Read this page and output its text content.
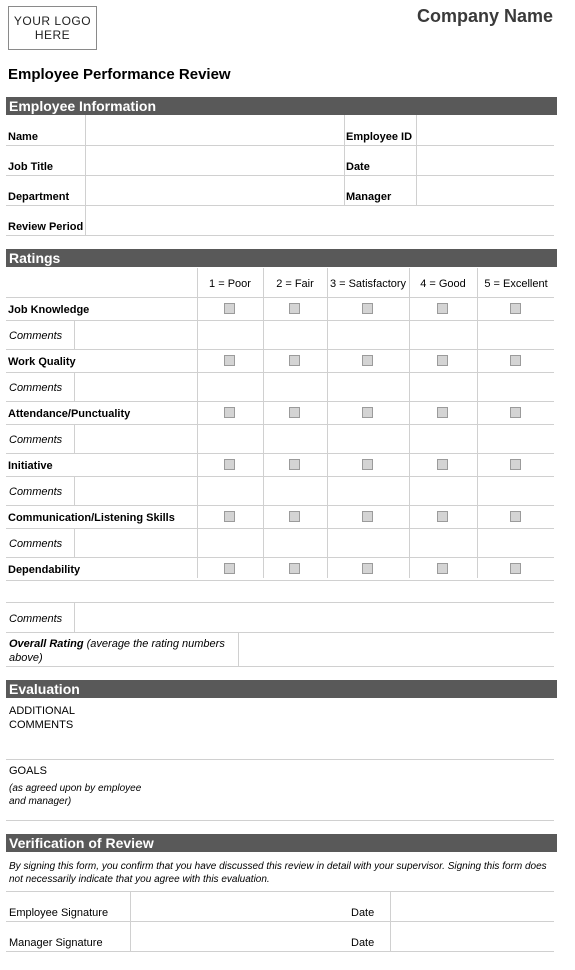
YOUR LOGO
HERE
Company Name
Employee Performance Review
Employee Information
Name	Employee ID
Job Title	Date
Department	Manager
Review Period
Ratings
1 = Poor	2 = Fair	3 = Satisfactory	4 = Good	5 = Excellent
Job Knowledge
Comments
Work Quality
Comments
Attendance/Punctuality
Comments
Initiative
Comments
Communication/Listening Skills
Comments
Dependability
Comments
Overall Rating (average the rating numbers above)
Evaluation
ADDITIONAL COMMENTS
GOALS
(as agreed upon by employee and manager)
Verification of Review
By signing this form, you confirm that you have discussed this review in detail with your supervisor. Signing this form does not necessarily indicate that you agree with this evaluation.
Employee Signature	Date
Manager Signature	Date
